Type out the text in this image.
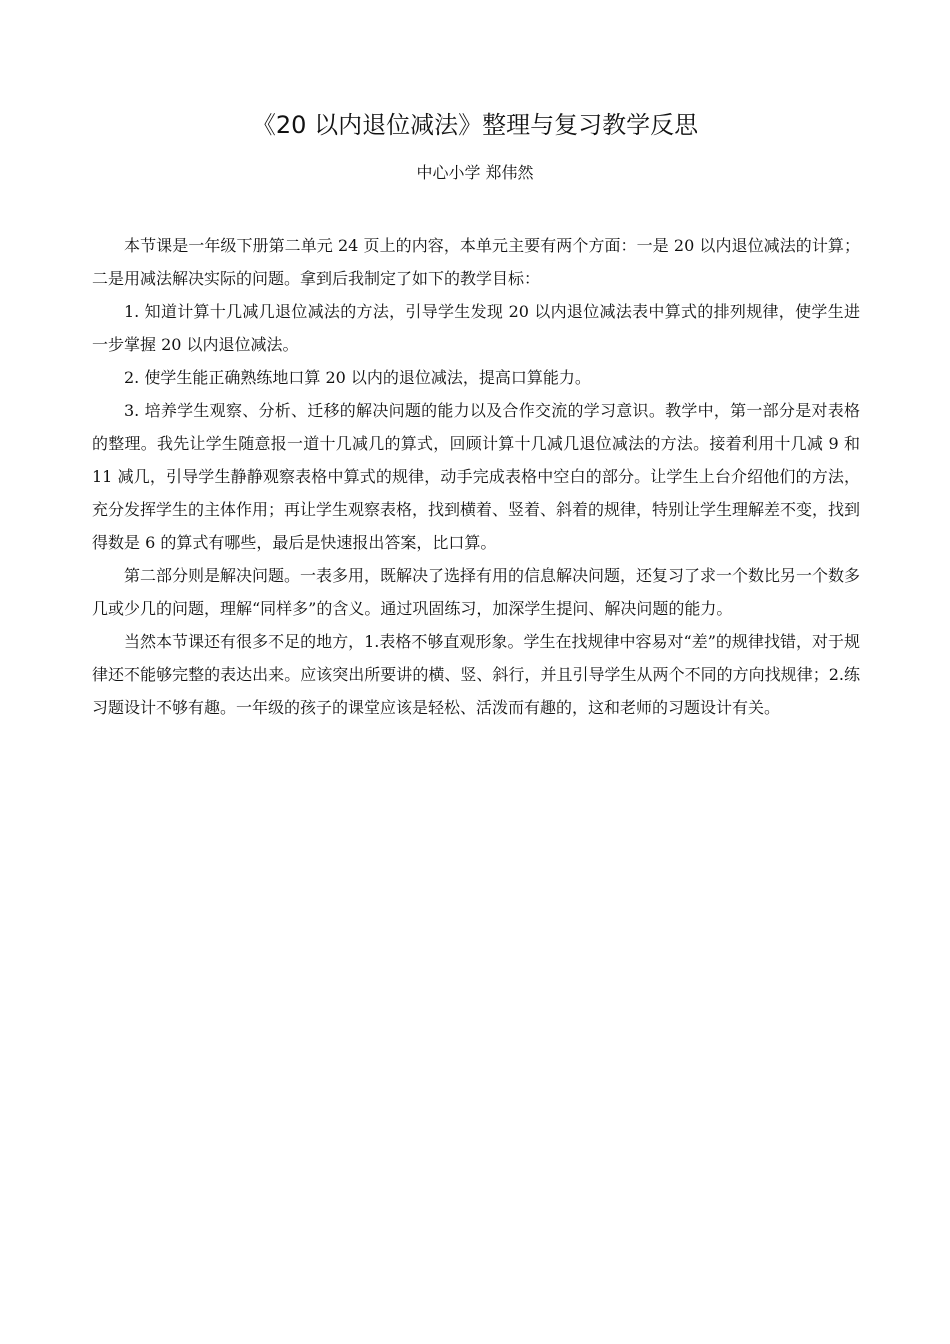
《20 以内退位减法》整理与复习教学反思
中心小学 郑伟然

本节课是一年级下册第二单元 24 页上的内容，本单元主要有两个方面：一是 20 以内退位减法的计算；二是用减法解决实际的问题。拿到后我制定了如下的教学目标：

1. 知道计算十几减几退位减法的方法，引导学生发现 20 以内退位减法表中算式的排列规律，使学生进一步掌握 20 以内退位减法。

2. 使学生能正确熟练地口算 20 以内的退位减法，提高口算能力。

3. 培养学生观察、分析、迁移的解决问题的能力以及合作交流的学习意识。教学中，第一部分是对表格的整理。我先让学生随意报一道十几减几的算式，回顾计算十几减几退位减法的方法。接着利用十几减 9 和 11 减几，引导学生静静观察表格中算式的规律，动手完成表格中空白的部分。让学生上台介绍他们的方法，充分发挥学生的主体作用；再让学生观察表格，找到横着、竖着、斜着的规律，特别让学生理解差不变，找到得数是 6 的算式有哪些，最后是快速报出答案，比口算。

第二部分则是解决问题。一表多用，既解决了选择有用的信息解决问题，还复习了求一个数比另一个数多几或少几的问题，理解“同样多”的含义。通过巩固练习，加深学生提问、解决问题的能力。

当然本节课还有很多不足的地方，1.表格不够直观形象。学生在找规律中容易对“差”的规律找错，对于规律还不能够完整的表达出来。应该突出所要讲的横、竖、斜行，并且引导学生从两个不同的方向找规律；2.练习题设计不够有趣。一年级的孩子的课堂应该是轻松、活泼而有趣的，这和老师的习题设计有关。
